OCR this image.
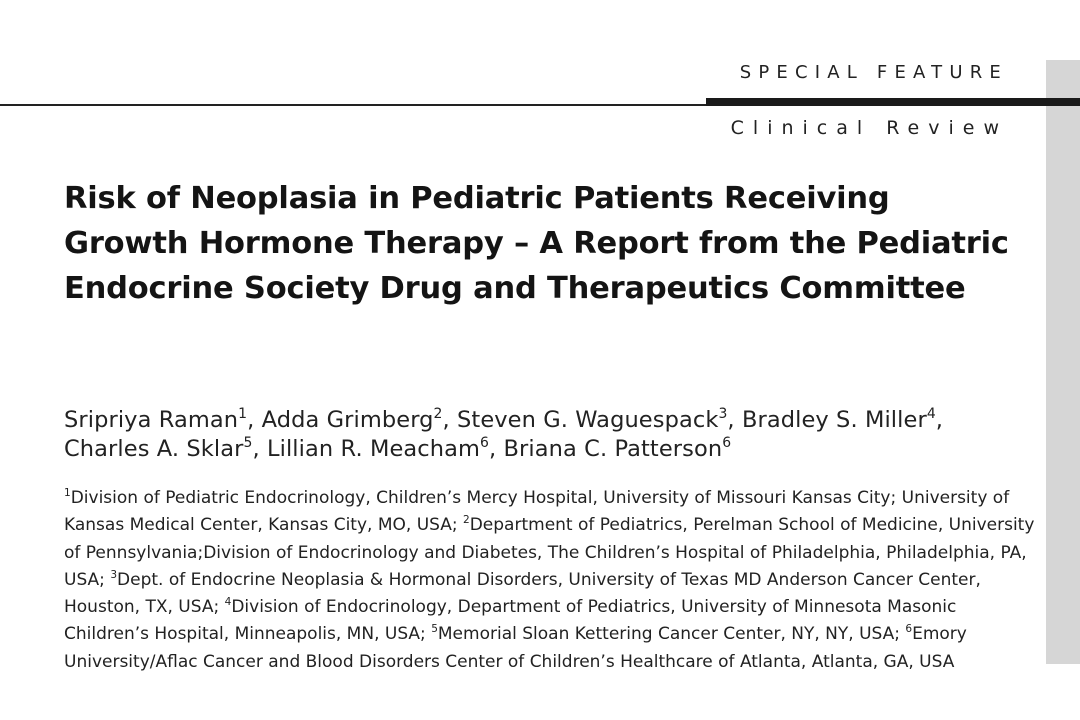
SPECIAL FEATURE
Clinical Review
Risk of Neoplasia in Pediatric Patients Receiving Growth Hormone Therapy – A Report from the Pediatric Endocrine Society Drug and Therapeutics Committee
Sripriya Raman$^1$, Adda Grimberg$^2$, Steven G. Waguespack$^3$, Bradley S. Miller$^4$,
Charles A. Sklar$^5$, Lillian R. Meacham$^6$, Briana C. Patterson$^6$
$^1$Division of Pediatric Endocrinology, Children’s Mercy Hospital, University of Missouri Kansas City; University of Kansas Medical Center, Kansas City, MO, USA; $^2$Department of Pediatrics, Perelman School of Medicine, University of Pennsylvania;Division of Endocrinology and Diabetes, The Children’s Hospital of Philadelphia, Philadelphia, PA, USA; $^3$Dept. of Endocrine Neoplasia & Hormonal Disorders, University of Texas MD Anderson Cancer Center, Houston, TX, USA; $^4$Division of Endocrinology, Department of Pediatrics, University of Minnesota Masonic Children’s Hospital, Minneapolis, MN, USA; $^5$Memorial Sloan Kettering Cancer Center, NY, NY, USA; $^6$Emory University/Aflac Cancer and Blood Disorders Center of Children’s Healthcare of Atlanta, Atlanta, GA, USA
